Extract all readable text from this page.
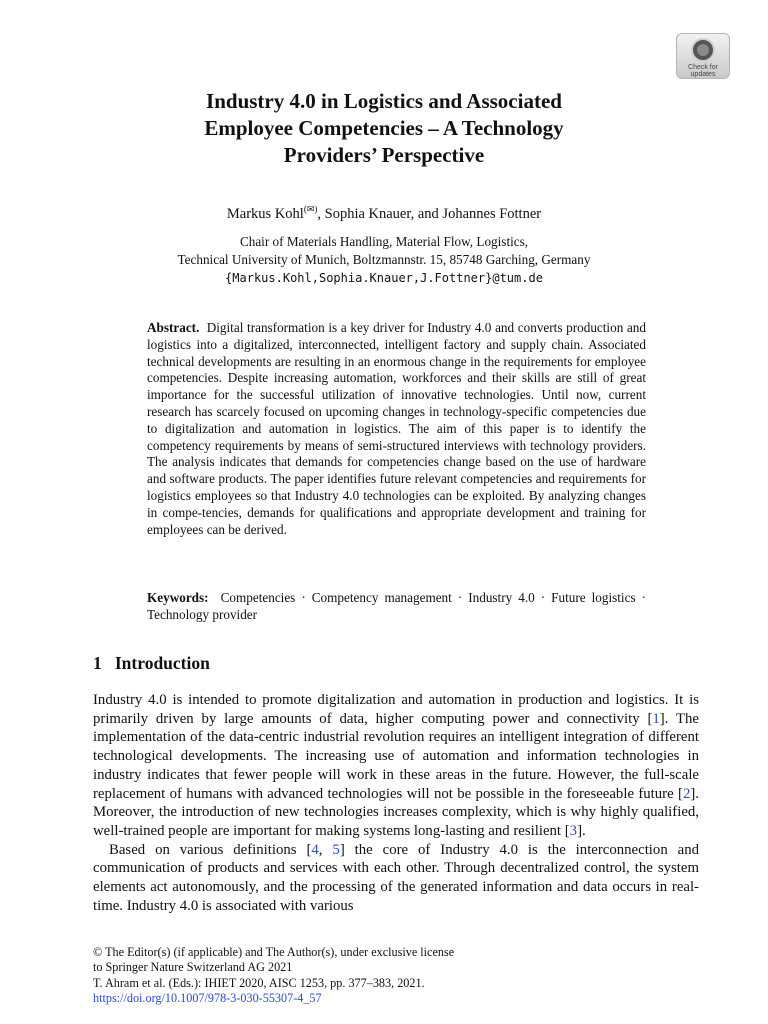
Check for
updates
Industry 4.0 in Logistics and Associated
Employee Competencies – A Technology
Providers’ Perspective
Markus Kohl(✉), Sophia Knauer, and Johannes Fottner
Chair of Materials Handling, Material Flow, Logistics,
Technical University of Munich, Boltzmannstr. 15, 85748 Garching, Germany
{Markus.Kohl,Sophia.Knauer,J.Fottner}@tum.de
Abstract. Digital transformation is a key driver for Industry 4.0 and converts production and logistics into a digitalized, interconnected, intelligent factory and supply chain. Associated technical developments are resulting in an enormous change in the requirements for employee competencies. Despite increasing automation, workforces and their skills are still of great importance for the successful utilization of innovative technologies. Until now, current research has scarcely focused on upcoming changes in technology-specific competencies due to digitalization and automation in logistics. The aim of this paper is to identify the competency requirements by means of semi-structured interviews with technology providers. The analysis indicates that demands for competencies change based on the use of hardware and software products. The paper identifies future relevant competencies and requirements for logistics employees so that Industry 4.0 technologies can be exploited. By analyzing changes in compe-tencies, demands for qualifications and appropriate development and training for employees can be derived.
Keywords: Competencies · Competency management · Industry 4.0 · Future logistics · Technology provider
1 Introduction

Industry 4.0 is intended to promote digitalization and automation in production and logistics. It is primarily driven by large amounts of data, higher computing power and connectivity [1]. The implementation of the data-centric industrial revolution requires an intelligent integration of different technological developments. The increasing use of automation and information technologies in industry indicates that fewer people will work in these areas in the future. However, the full-scale replacement of humans with advanced technologies will not be possible in the foreseeable future [2]. Moreover, the introduction of new technologies increases complexity, which is why highly qualified, well-trained people are important for making systems long-lasting and resilient [3].

Based on various definitions [4, 5] the core of Industry 4.0 is the interconnection and communication of products and services with each other. Through decentralized control, the system elements act autonomously, and the processing of the generated information and data occurs in real-time. Industry 4.0 is associated with various

© The Editor(s) (if applicable) and The Author(s), under exclusive license
to Springer Nature Switzerland AG 2021
T. Ahram et al. (Eds.): IHIET 2020, AISC 1253, pp. 377–383, 2021.
https://doi.org/10.1007/978-3-030-55307-4_57
